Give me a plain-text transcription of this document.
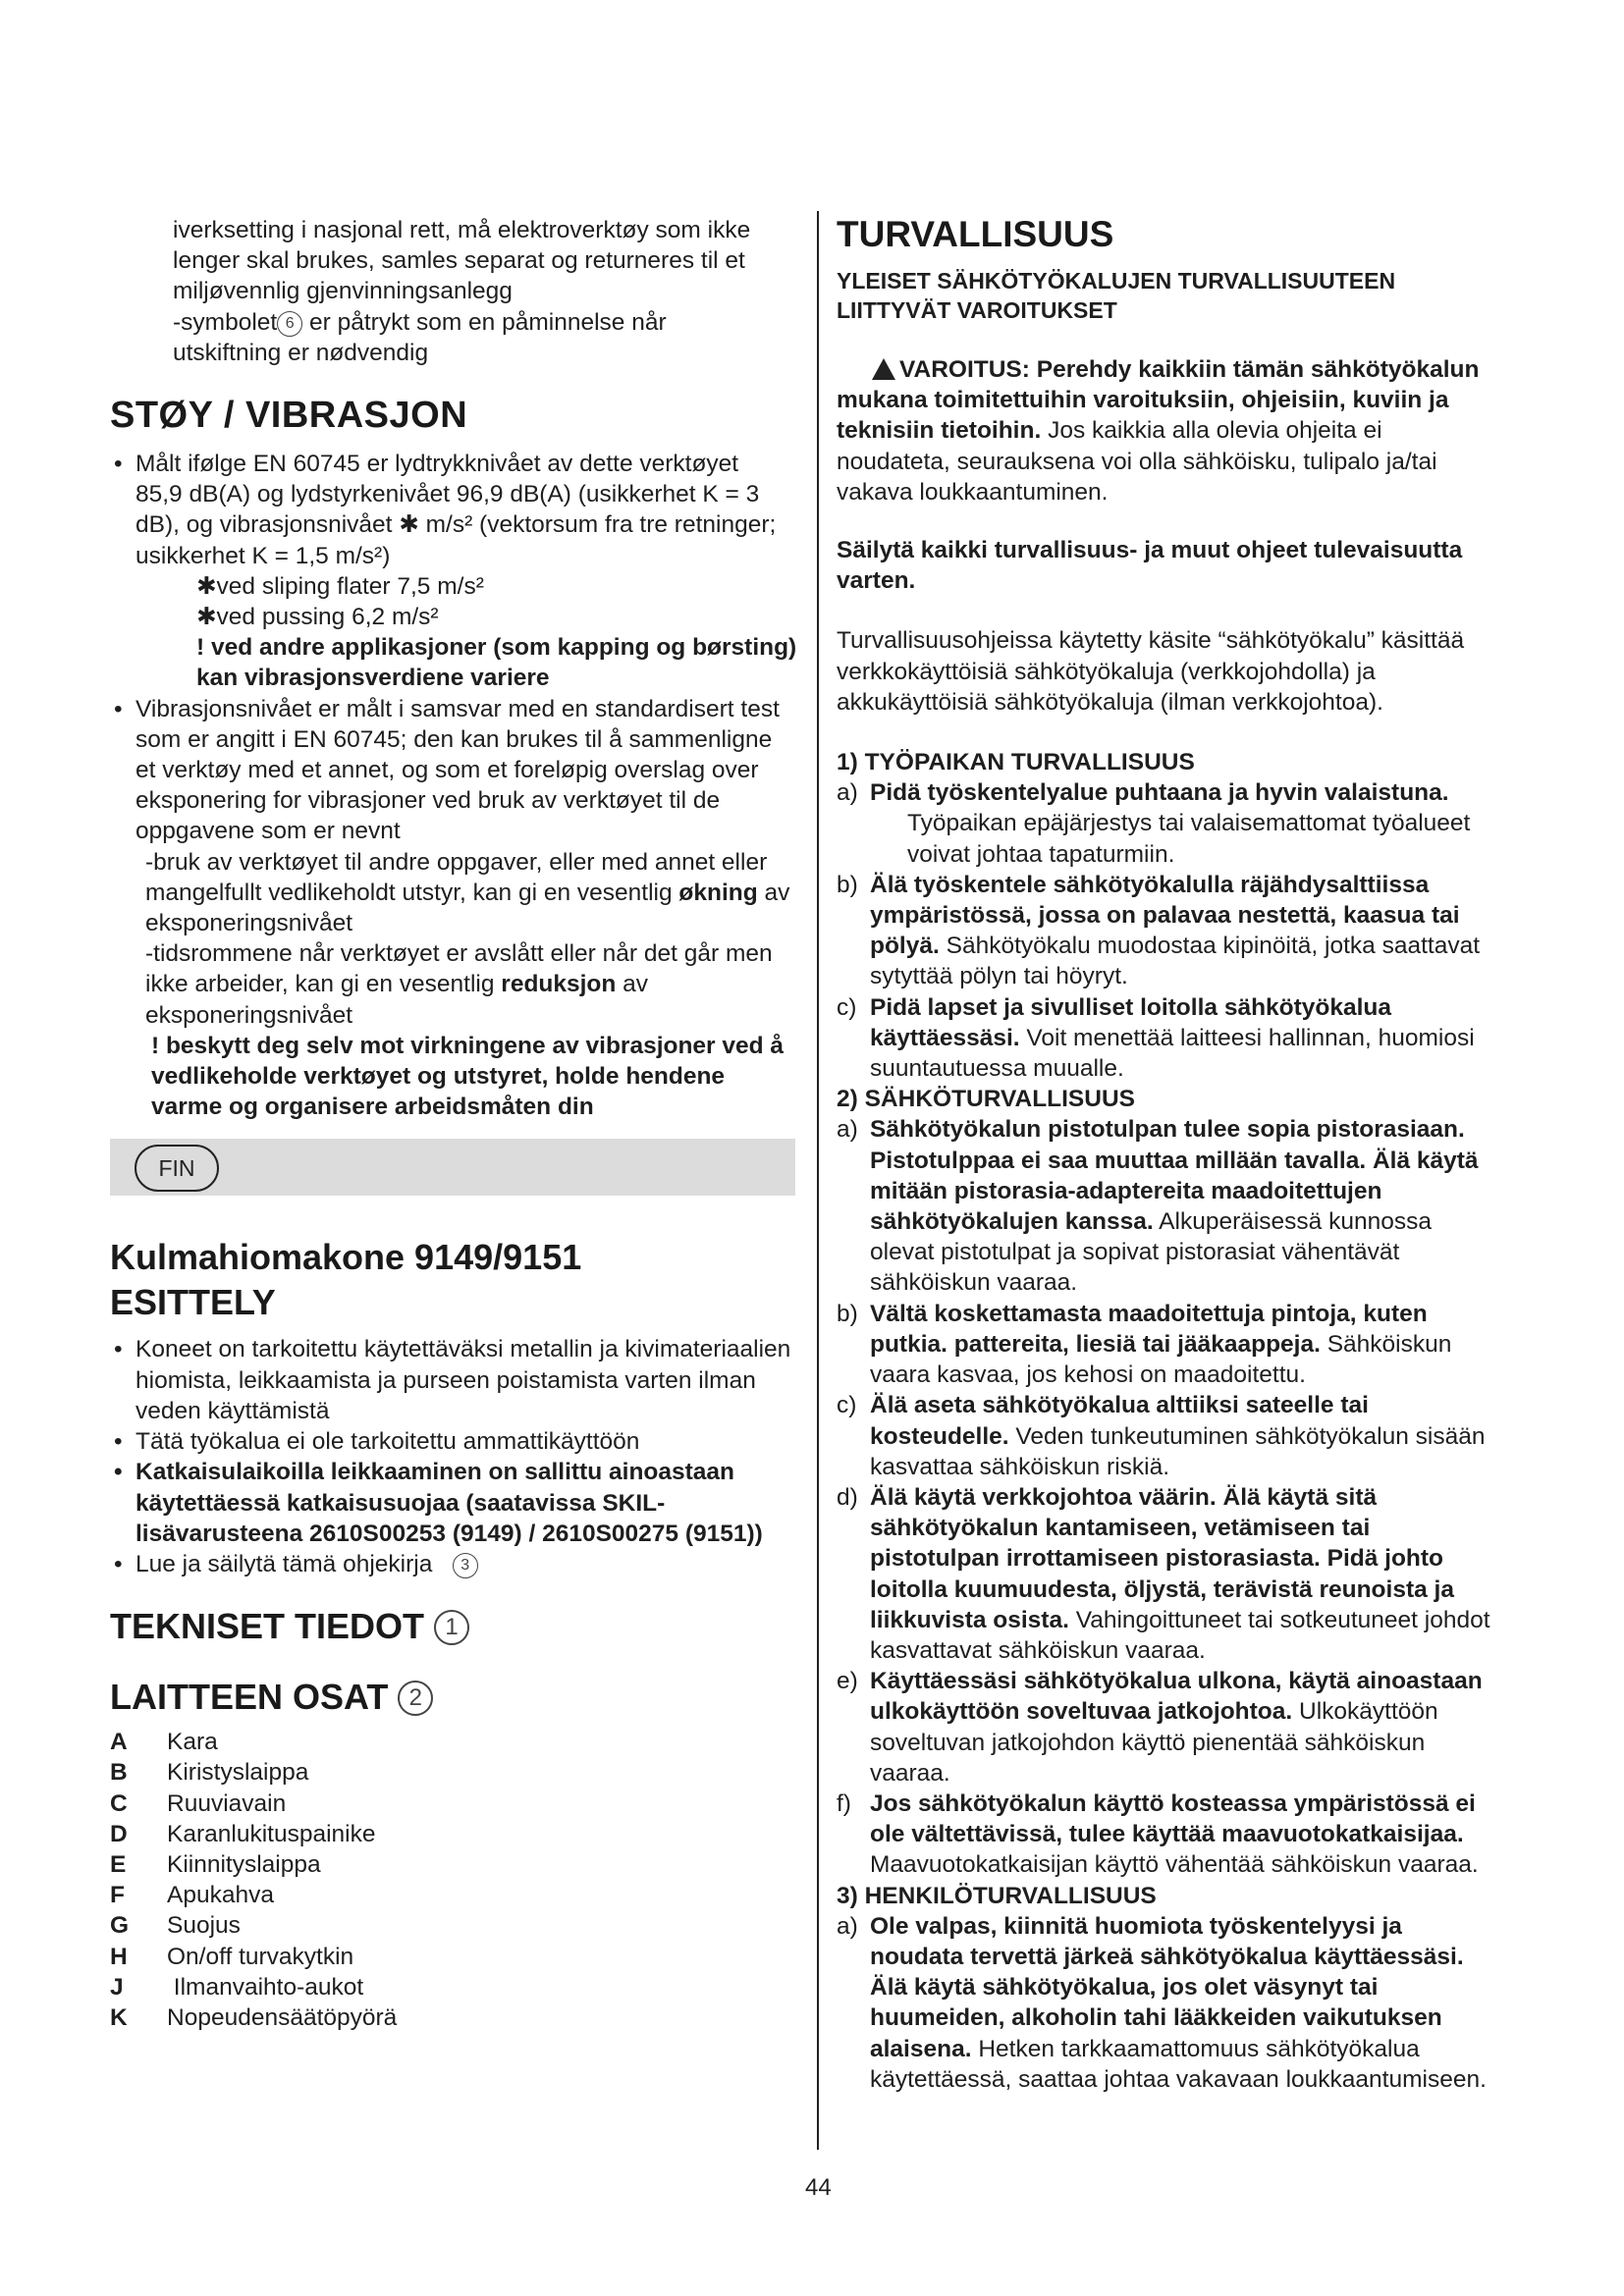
iverksetting i nasjonal rett, må elektroverktøy som ikke

lenger skal brukes, samles separat og returneres til et

miljøvennlig gjenvinningsanlegg

-symbolet 6 er påtrykt som en påminnelse når

utskiftning er nødvendig

STØY / VIBRASJON

• Målt ifølge EN 60745 er lydtrykknivået av dette verktøyet 85,9 dB(A) og lydstyrkenivået 96,9 dB(A) (usikkerhet K = 3 dB), og vibrasjonsnivået ✱ m/s² (vektorsum fra tre retninger; usikkerhet K = 1,5 m/s²)

✱ved sliping flater 7,5 m/s²

✱ved pussing 6,2 m/s²

! ved andre applikasjoner (som kapping og børsting) kan vibrasjonsverdiene variere

• Vibrasjonsnivået er målt i samsvar med en standardisert test som er angitt i EN 60745; den kan brukes til å sammenligne et verktøy med et annet, og som et foreløpig overslag over eksponering for vibrasjoner ved bruk av verktøyet til de oppgavene som er nevnt

-bruk av verktøyet til andre oppgaver, eller med annet eller mangelfullt vedlikeholdt utstyr, kan gi en vesentlig økning av eksponeringsnivået

-tidsrommene når verktøyet er avslått eller når det går men ikke arbeider, kan gi en vesentlig reduksjon av eksponeringsnivået

! beskytt deg selv mot virkningene av vibrasjoner ved å vedlikeholde verktøyet og utstyret, holde hendene varme og organisere arbeidsmåten din

Kulmahiomakone 9149/9151
ESITTELY

• Koneet on tarkoitettu käytettäväksi metallin ja kivimateriaalien hiomista, leikkaamista ja purseen poistamista varten ilman veden käyttämistä

• Tätä työkalua ei ole tarkoitettu ammattikäyttöön

• Katkaisulaikoilla leikkaaminen on sallittu ainoastaan käytettäessä katkaisusuojaa (saatavissa SKIL-lisävarusteena 2610S00253 (9149) / 2610S00275 (9151))

• Lue ja säilytä tämä ohjekirja 3

TEKNISET TIEDOT 1
LAITTEEN OSAT 2
A	Kara
B	Kiristyslaippa
C	Ruuviavain
D	Karanlukituspainike
E	Kiinnityslaippa
F	Apukahva
G	Suojus
H	On/off turvakytkin
J	Ilmanvaihto-aukot
K	Nopeudensäätöpyörä
FIN
TURVALLISUUS
YLEISET SÄHKÖTYÖKALUJEN TURVALLISUUTEEN LIITTYVÄT VAROITUKSET

VAROITUS: Perehdy kaikkiin tämän sähkötyökalun mukana toimitettuihin varoituksiin, ohjeisiin, kuviin ja teknisiin tietoihin. Jos kaikkia alla olevia ohjeita ei noudateta, seurauksena voi olla sähköisku, tulipalo ja/tai vakava loukkaantuminen.

Säilytä kaikki turvallisuus- ja muut ohjeet tulevaisuutta varten.

Turvallisuusohjeissa käytetty käsite “sähkötyökalu” käsittää verkkokäyttöisiä sähkötyökaluja (verkkojohdolla) ja akkukäyttöisiä sähkötyökaluja (ilman verkkojohtoa).

1) TYÖPAIKAN TURVALLISUUS

a) Pidä työskentelyalue puhtaana ja hyvin valaistuna.

Työpaikan epäjärjestys tai valaisemattomat työalueet voivat johtaa tapaturmiin.

b) Älä työskentele sähkötyökalulla räjähdysalttiissa ympäristössä, jossa on palavaa nestettä, kaasua tai pölyä. Sähkötyökalu muodostaa kipinöitä, jotka saattavat sytyttää pölyn tai höyryt.

c) Pidä lapset ja sivulliset loitolla sähkötyökalua käyttäessäsi. Voit menettää laitteesi hallinnan, huomiosi suuntautuessa muualle.

2) SÄHKÖTURVALLISUUS

a) Sähkötyökalun pistotulpan tulee sopia pistorasiaan. Pistotulppaa ei saa muuttaa millään tavalla. Älä käytä mitään pistorasia-adaptereita maadoitettujen sähkötyökalujen kanssa. Alkuperäisessä kunnossa olevat pistotulpat ja sopivat pistorasiat vähentävät sähköiskun vaaraa.

b) Vältä koskettamasta maadoitettuja pintoja, kuten putkia. pattereita, liesiä tai jääkaappeja. Sähköiskun vaara kasvaa, jos kehosi on maadoitettu.

c) Älä aseta sähkötyökalua alttiiksi sateelle tai kosteudelle. Veden tunkeutuminen sähkötyökalun sisään kasvattaa sähköiskun riskiä.

d) Älä käytä verkkojohtoa väärin. Älä käytä sitä sähkötyökalun kantamiseen, vetämiseen tai pistotulpan irrottamiseen pistorasiasta. Pidä johto loitolla kuumuudesta, öljystä, terävistä reunoista ja liikkuvista osista. Vahingoittuneet tai sotkeutuneet johdot kasvattavat sähköiskun vaaraa.

e) Käyttäessäsi sähkötyökalua ulkona, käytä ainoastaan ulkokäyttöön soveltuvaa jatkojohtoa. Ulkokäyttöön soveltuvan jatkojohdon käyttö pienentää sähköiskun vaaraa.

f) Jos sähkötyökalun käyttö kosteassa ympäristössä ei ole vältettävissä, tulee käyttää maavuotokatkaisijaa. Maavuotokatkaisijan käyttö vähentää sähköiskun vaaraa.

3) HENKILÖTURVALLISUUS

a) Ole valpas, kiinnitä huomiota työskentelyysi ja noudata tervettä järkeä sähkötyökalua käyttäessäsi. Älä käytä sähkötyökalua, jos olet väsynyt tai huumeiden, alkoholin tahi lääkkeiden vaikutuksen alaisena. Hetken tarkkaamattomuus sähkötyökalua käytettäessä, saattaa johtaa vakavaan loukkaantumiseen.

44
